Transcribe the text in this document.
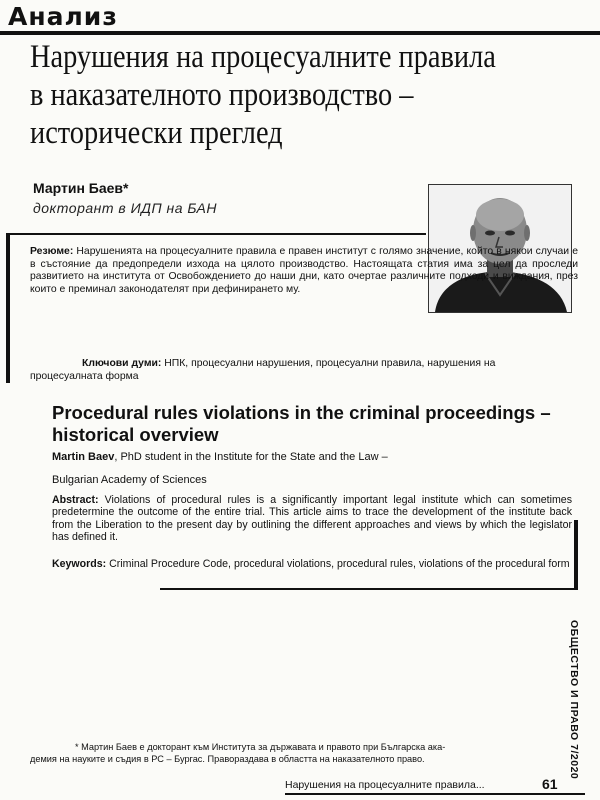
Анализ
Нарушения на процесуалните правила
в наказателното производство –
исторически преглед
Мартин Баев*
докторант в ИДП на БАН
Резюме: Нарушенията на процесуалните правила е правен институт с голямо значение, който в някои случаи е в състояние да предопредели изхода на цялото производство. Настоящата статия има за цел да проследи развитието на института от Освобождението до наши дни, като очертае различните подходи и виждания, през които е преминал законодателят при дефинирането му.
Ключови думи: НПК, процесуални нарушения, процесуални правила, нарушения на процесуалната форма
Procedural rules violations in the criminal proceedings – historical overview
Martin Baev, PhD student in the Institute for the State and the Law –
Bulgarian Academy of Sciences
Abstract: Violations of procedural rules is a significantly important legal institute which can sometimes predetermine the outcome of the entire trial. This article aims to trace the development of the institute back from the Liberation to the present day by outlining the different approaches and views by which the legislator has defined it.
Keywords: Criminal Procedure Code, procedural violations, procedural rules, violations of the procedural form
ОБЩЕСТВО И ПРАВО 7/2020
* Мартин Баев е докторант към Институтa за държавата и правото при Българска ака-
демия на науките и съдия в РС – Бургас. Правораздава в областта на наказателното право.
Нарушения на процесуалните правила...	61
